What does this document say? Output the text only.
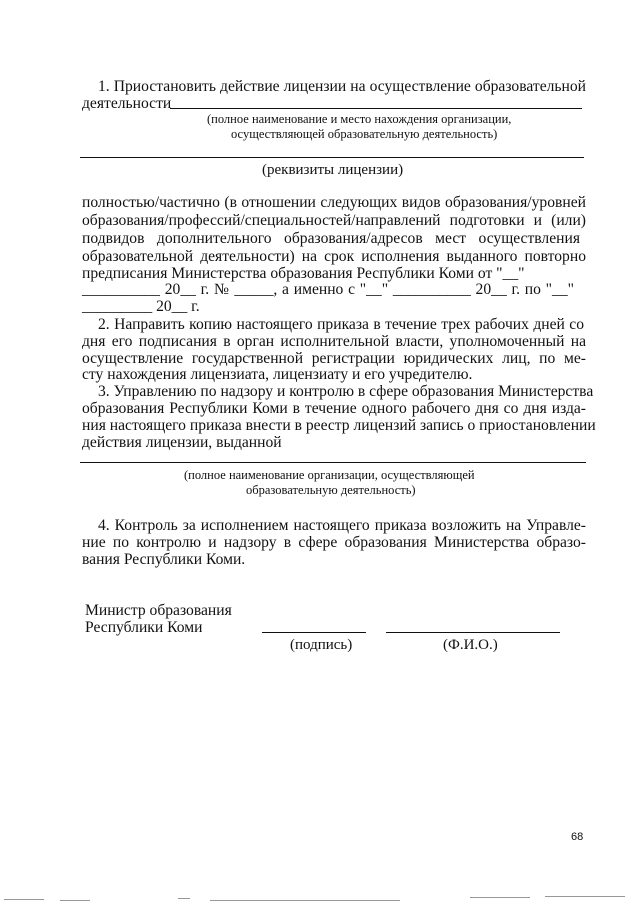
1. Приостановить действие лицензии на осуществление образовательной
деятельности
(полное наименование и место нахождения организации,
осуществляющей образовательную деятельность)
(реквизиты лицензии)
полностью/частично (в отношении следующих видов образования/уровней
образования/профессий/специальностей/направлений подготовки и (или)
подвидов дополнительного образования/адресов мест осуществления
образовательной деятельности) на срок исполнения выданного повторно
предписания Министерства образования Республики Коми от "__"
__________ 20__ г. № _____, а именно с "__" __________ 20__ г. по "__"
_________ 20__ г.
2. Направить копию настоящего приказа в течение трех рабочих дней со
дня его подписания в орган исполнительной власти, уполномоченный на
осуществление государственной регистрации юридических лиц, по ме-
сту нахождения лицензиата, лицензиату и его учредителю.
3. Управлению по надзору и контролю в сфере образования Министерства
образования Республики Коми в течение одного рабочего дня со дня изда-
ния настоящего приказа внести в реестр лицензий запись о приостановлении
действия лицензии, выданной
(полное наименование организации, осуществляющей
образовательную деятельность)
4. Контроль за исполнением настоящего приказа возложить на Управле-
ние по контролю и надзору в сфере образования Министерства образо-
вания Республики Коми.
Министр образования
Республики Коми
(подпись)	(Ф.И.О.)
68
